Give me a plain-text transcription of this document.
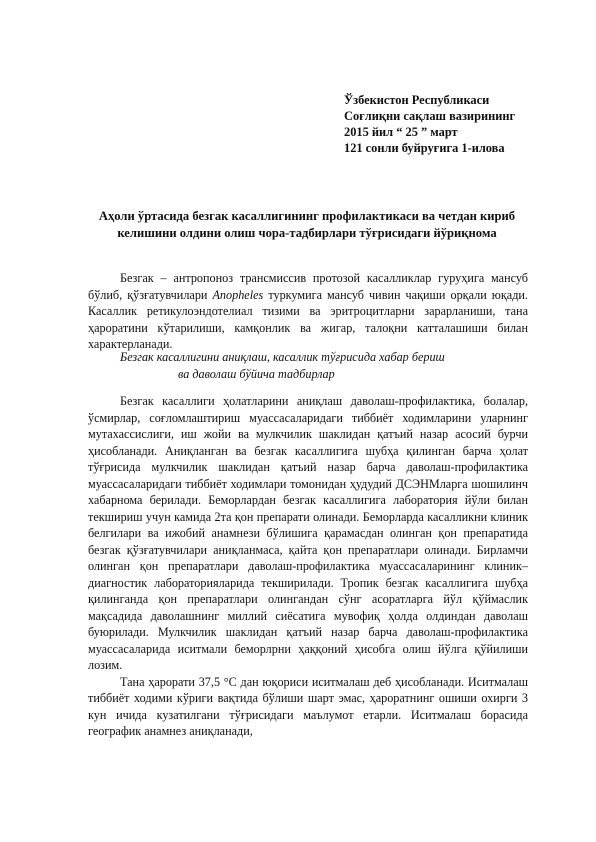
Ўзбекистон Республикаси
Соғлиқни сақлаш вазирининг
2015 йил “ 25 ” март
121 сонли буйруғига 1-илова
Аҳоли ўртасида безгак касаллигининг профилактикаси ва четдан кириб келишини олдини олиш чора-тадбирлари тўғрисидаги йўриқнома

Безгак – антропоноз трансмиссив протозой касалликлар гуруҳига мансуб бўлиб, қўзғатувчилари Anopheles туркумига мансуб чивин чақиши орқали юқади. Касаллик ретикулоэндотелиал тизими ва эритроцитларни зарарланиши, тана ҳароратини кўтарилиши, камқонлик ва жигар, талоқни катталашиши билан характерланади.

Безгак касаллигини аниқлаш, касаллик тўғрисида хабар бериш
ва даволаш бўйича тадбирлар

Безгак касаллиги ҳолатларини аниқлаш даволаш-профилактика, болалар, ўсмирлар, соғломлаштириш муассасаларидаги тиббиёт ходимларини уларнинг мутахассислиги, иш жойи ва мулкчилик шаклидан қатъий назар асосий бурчи ҳисобланади. Аниқланган ва безгак касаллигига шубҳа қилинган барча ҳолат тўғрисида мулкчилик шаклидан қатъий назар барча даволаш-профилактика муассасаларидаги тиббиёт ходимлари томонидан ҳудудий ДСЭНМларга шошилинч хабарнома берилади. Беморлардан безгак касаллигига лаборатория йўли билан текшириш учун камида 2та қон препарати олинади. Беморларда касалликни клиник белгилари ва ижобий анамнези бўлишига қарамасдан олинган қон препаратида безгак қўзғатувчилари аниқланмаса, қайта қон препаратлари олинади. Бирламчи олинган қон препаратлари даволаш-профилактика муассасаларининг клиник–диагностик лабораторияларида текширилади. Тропик безгак касаллигига шубҳа қилинганда қон препаратлари олингандан сўнг асоратларга йўл қўймаслик мақсадида даволашнинг миллий сиёсатига мувофиқ ҳолда олдиндан даволаш буюрилади. Мулкчилик шаклидан қатъий назар барча даволаш-профилактика муассасаларида иситмали беморлрни ҳаққоний ҳисобга олиш йўлга қўйилиши лозим.

Тана ҳарорати 37,5 °С дан юқориси иситмалаш деб ҳисобланади. Иситмалаш тиббиёт ходими кўриги вақтида бўлиши шарт эмас, ҳароратнинг ошиши охирги 3 кун ичида кузатилгани тўғрисидаги маълумот етарли. Иситмалаш борасида географик анамнез аниқланади,
